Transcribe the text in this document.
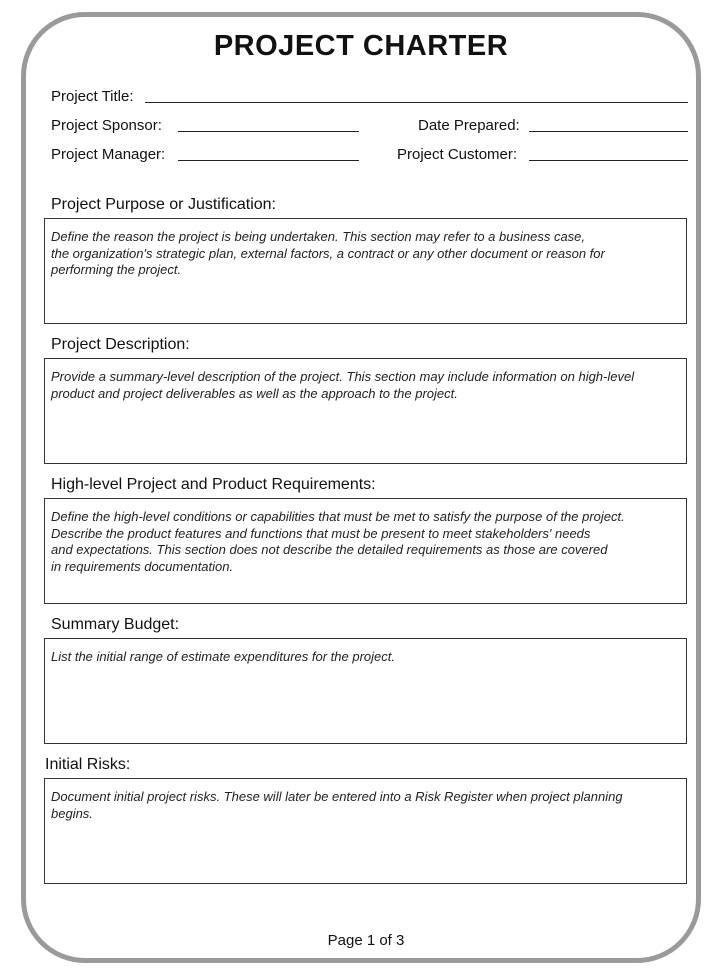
PROJECT CHARTER
Project Title:
Project Sponsor:	Date Prepared:
Project Manager:	Project Customer:
Project Purpose or Justification:

Define the reason the project is being undertaken. This section may refer to a business case,

the organization's strategic plan, external factors, a contract or any other document or reason for

performing the project.

Project Description:

Provide a summary-level description of the project. This section may include information on high-level

product and project deliverables as well as the approach to the project.

High-level Project and Product Requirements:

Define the high-level conditions or capabilities that must be met to satisfy the purpose of the project.

Describe the product features and functions that must be present to meet stakeholders' needs

and expectations. This section does not describe the detailed requirements as those are covered

in requirements documentation.

Summary Budget:

List the initial range of estimate expenditures for the project.

Initial Risks:

Document initial project risks. These will later be entered into a Risk Register when project planning

begins.

Page 1 of 3
